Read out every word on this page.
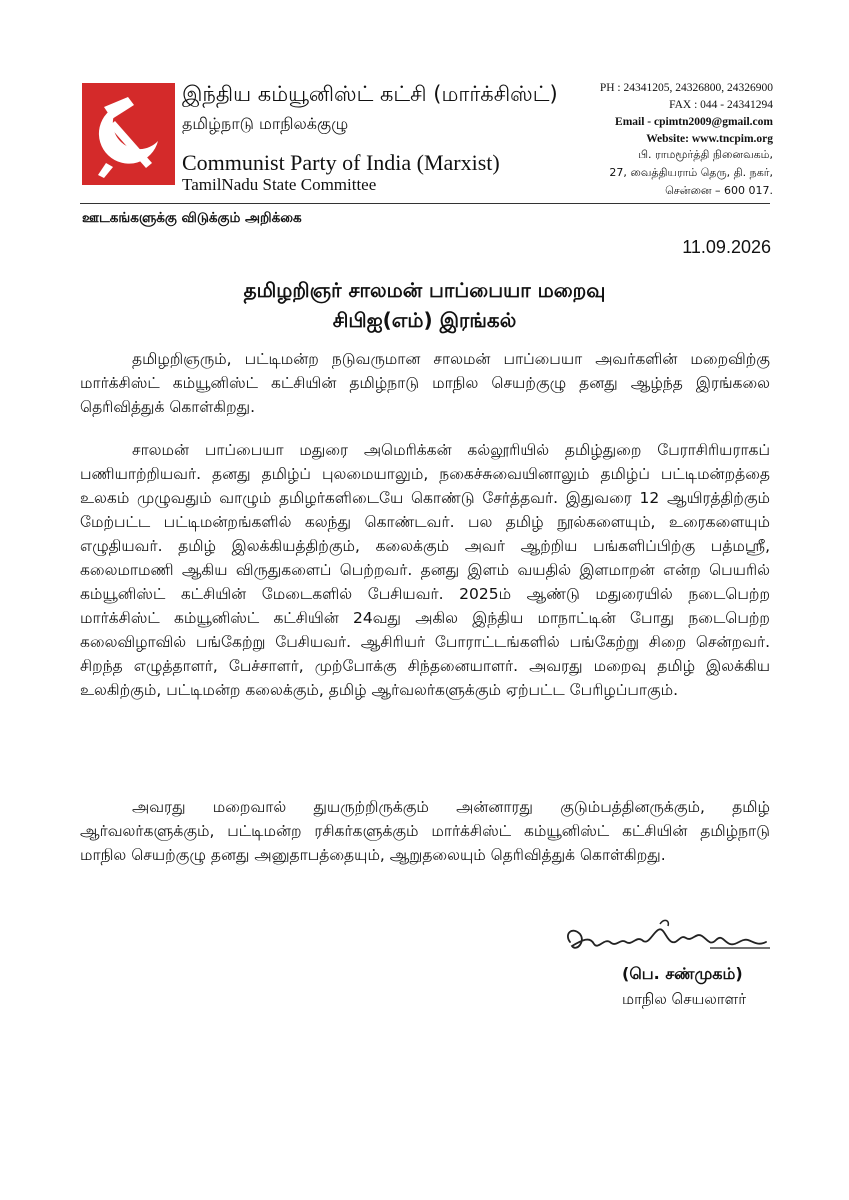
இந்திய கம்யூனிஸ்ட் கட்சி (மார்க்சிஸ்ட்)
தமிழ்நாடு மாநிலக்குழு
Communist Party of India (Marxist)
TamilNadu State Committee
PH : 24341205, 24326800, 24326900
FAX : 044 - 24341294
Email - cpimtn2009@gmail.com
Website: www.tncpim.org
பி. ராமமூர்த்தி நினைவகம்,
27, வைத்தியராம் தெரு, தி. நகர்,
சென்னை – 600 017.
ஊடகங்களுக்கு விடுக்கும் அறிக்கை
11.09.2026
தமிழறிஞர் சாலமன் பாப்பையா மறைவு
சிபிஐ(எம்) இரங்கல்

தமிழறிஞரும், பட்டிமன்ற நடுவருமான சாலமன் பாப்பையா அவர்களின் மறைவிற்கு மார்க்சிஸ்ட் கம்யூனிஸ்ட் கட்சியின் தமிழ்நாடு மாநில செயற்குழு தனது ஆழ்ந்த இரங்கலை தெரிவித்துக் கொள்கிறது.

சாலமன் பாப்பையா மதுரை அமெரிக்கன் கல்லூரியில் தமிழ்துறை பேராசிரியராகப் பணியாற்றியவர். தனது தமிழ்ப் புலமையாலும், நகைச்சுவையினாலும் தமிழ்ப் பட்டிமன்றத்தை உலகம் முழுவதும் வாழும் தமிழர்களிடையே கொண்டு சேர்த்தவர். இதுவரை 12 ஆயிரத்திற்கும் மேற்பட்ட பட்டிமன்றங்களில் கலந்து கொண்டவர். பல தமிழ் நூல்களையும், உரைகளையும் எழுதியவர். தமிழ் இலக்கியத்திற்கும், கலைக்கும் அவர் ஆற்றிய பங்களிப்பிற்கு பத்மஸ்ரீ, கலைமாமணி ஆகிய விருதுகளைப் பெற்றவர். தனது இளம் வயதில் இளமாறன் என்ற பெயரில் கம்யூனிஸ்ட் கட்சியின் மேடைகளில் பேசியவர். 2025ம் ஆண்டு மதுரையில் நடைபெற்ற மார்க்சிஸ்ட் கம்யூனிஸ்ட் கட்சியின் 24வது அகில இந்திய மாநாட்டின் போது நடைபெற்ற கலைவிழாவில் பங்கேற்று பேசியவர். ஆசிரியர் போராட்டங்களில் பங்கேற்று சிறை சென்றவர். சிறந்த எழுத்தாளர், பேச்சாளர், முற்போக்கு சிந்தனையாளர். அவரது மறைவு தமிழ் இலக்கிய உலகிற்கும், பட்டிமன்ற கலைக்கும், தமிழ் ஆர்வலர்களுக்கும் ஏற்பட்ட பேரிழப்பாகும்.

அவரது மறைவால் துயருற்றிருக்கும் அன்னாரது குடும்பத்தினருக்கும், தமிழ் ஆர்வலர்களுக்கும், பட்டிமன்ற ரசிகர்களுக்கும் மார்க்சிஸ்ட் கம்யூனிஸ்ட் கட்சியின் தமிழ்நாடு மாநில செயற்குழு தனது அனுதாபத்தையும், ஆறுதலையும் தெரிவித்துக் கொள்கிறது.

(பெ. சண்முகம்)
மாநில செயலாளர்
